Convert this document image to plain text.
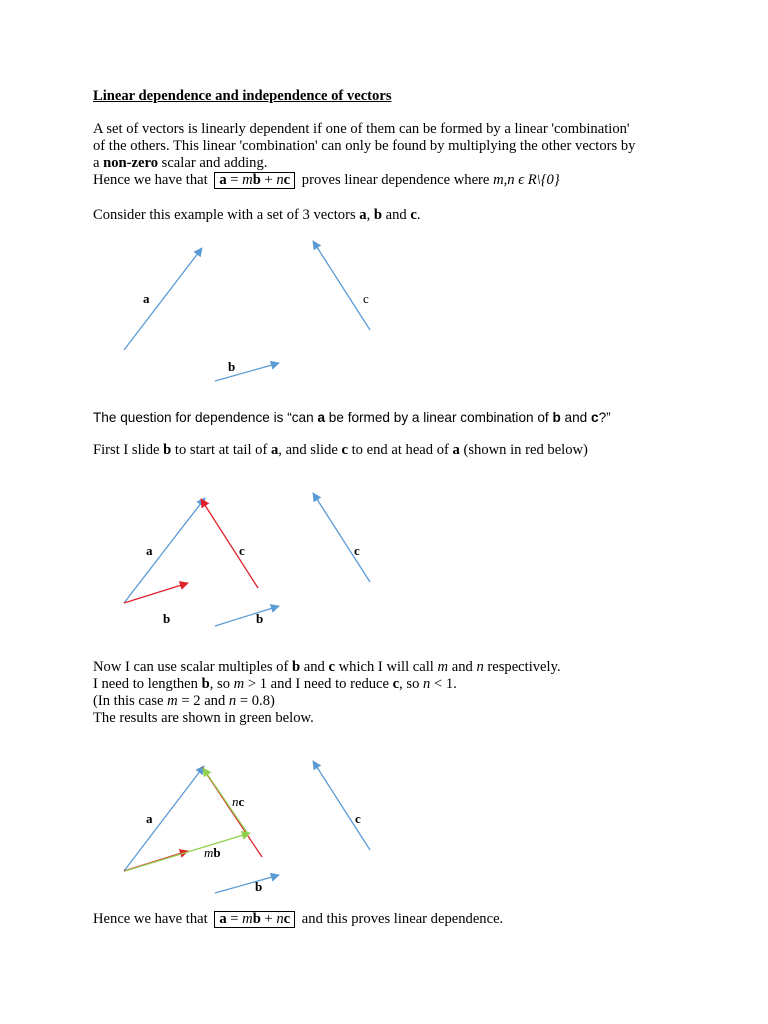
Linear dependence and independence of vectors
A set of vectors is linearly dependent if one of them can be formed by a linear 'combination'
of the others. This linear 'combination' can only be found by multiplying the other vectors by
a non-zero scalar and adding.
Hence we have that a = mb + nc proves linear dependence where m,n ϵ R\{0}
Consider this example with a set of 3 vectors a, b and c.
a	c
b
The question for dependence is “can a be formed by a linear combination of b and c?”
First I slide b to start at tail of a, and slide c to end at head of a (shown in red below)
a	c	c
b	b
Now I can use scalar multiples of b and c which I will call m and n respectively.
I need to lengthen b, so m > 1 and I need to reduce c, so n < 1.
(In this case m = 2 and n = 0.8)
The results are shown in green below.
nc
a	c
mb
b
Hence we have that a = mb + nc and this proves linear dependence.
